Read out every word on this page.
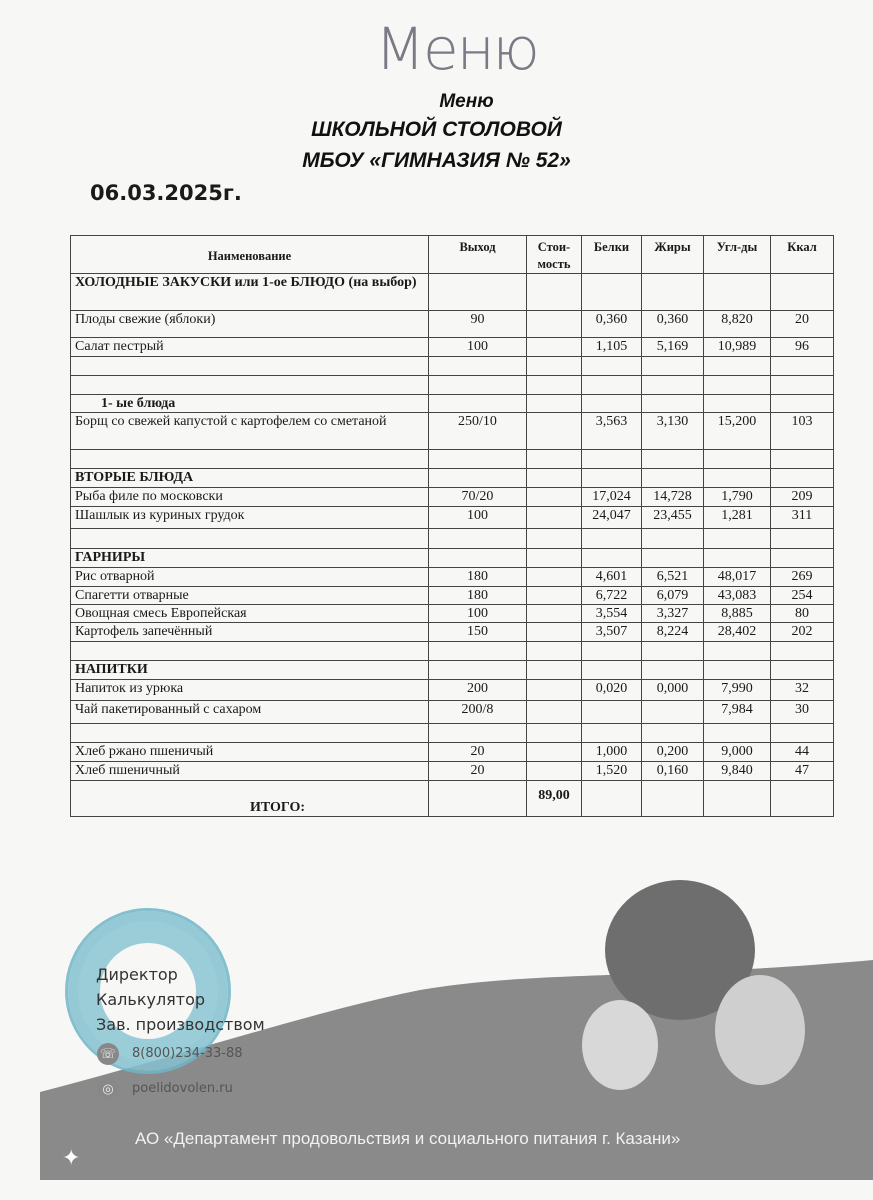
Меню
Меню
ШКОЛЬНОЙ СТОЛОВОЙ
МБОУ «ГИМНАЗИЯ № 52»
06.03.2025г.
Наименование	Выход	Стои-мость	Белки	Жиры	Угл-ды	Ккал
ХОЛОДНЫЕ ЗАКУСКИ или 1-ое БЛЮДО (на выбор)						
Плоды свежие (яблоки)	90		0,360	0,360	8,820	20
Салат пестрый	100		1,105	5,169	10,989	96

1- ые блюда						
Борщ со свежей капустой с картофелем со сметаной	250/10		3,563	3,130	15,200	103

ВТОРЫЕ БЛЮДА						
Рыба филе по московски	70/20		17,024	14,728	1,790	209
Шашлык из куриных грудок	100		24,047	23,455	1,281	311

ГАРНИРЫ						
Рис отварной	180		4,601	6,521	48,017	269
Спагетти отварные	180		6,722	6,079	43,083	254
Овощная смесь Европейская	100		3,554	3,327	8,885	80
Картофель запечённый	150		3,507	8,224	28,402	202

НАПИТКИ						
Напиток из урюка	200		0,020	0,000	7,990	32
Чай пакетированный с сахаром	200/8				7,984	30

Хлеб ржано пшеничый	20		1,000	0,200	9,000	44
Хлеб пшеничный	20		1,520	0,160	9,840	47
ИТОГО:		89,00				
✦
Директор
Калькулятор
Зав. производством
☏ 8(800)234-33-88
◎	poelidovolen.ru
АО «Департамент продовольствия и социального питания г. Казани»
